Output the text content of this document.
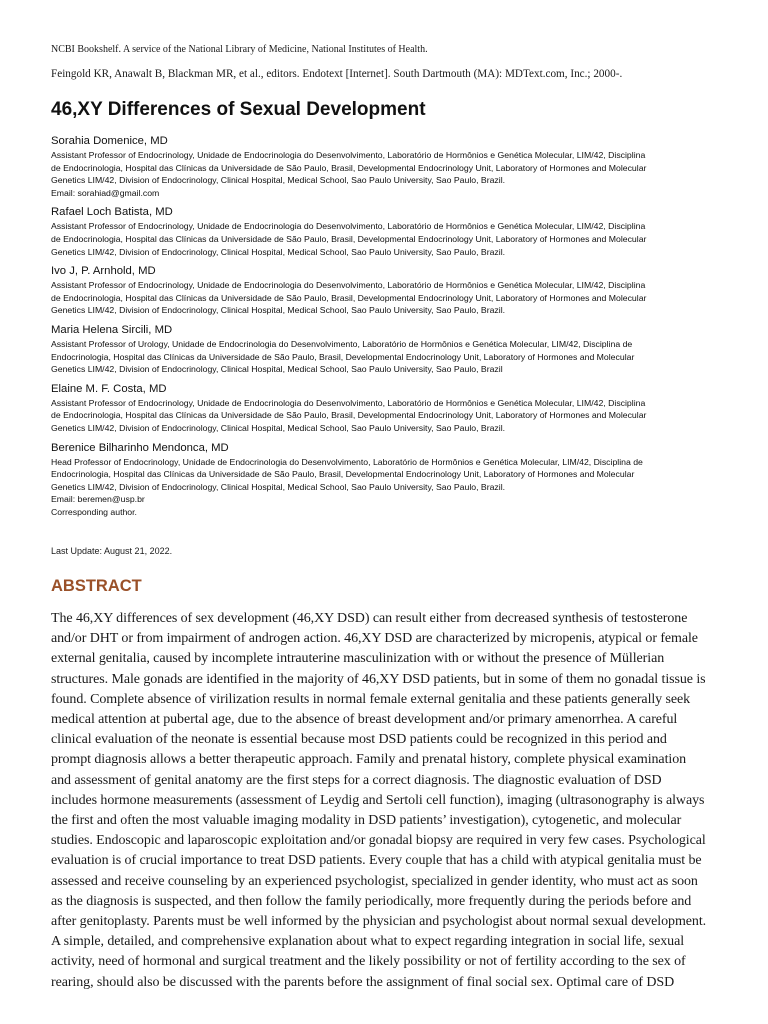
NCBI Bookshelf. A service of the National Library of Medicine, National Institutes of Health.
Feingold KR, Anawalt B, Blackman MR, et al., editors. Endotext [Internet]. South Dartmouth (MA): MDText.com, Inc.; 2000-.
46,XY Differences of Sexual Development
Sorahia Domenice, MD
Assistant Professor of Endocrinology, Unidade de Endocrinologia do Desenvolvimento, Laboratório de Hormônios e Genética Molecular, LIM/42, Disciplina
de Endocrinologia, Hospital das Clínicas da Universidade de São Paulo, Brasil, Developmental Endocrinology Unit, Laboratory of Hormones and Molecular
Genetics LIM/42, Division of Endocrinology, Clinical Hospital, Medical School, Sao Paulo University, Sao Paulo, Brazil.
Email: sorahiad@gmail.com
Rafael Loch Batista, MD
Assistant Professor of Endocrinology, Unidade de Endocrinologia do Desenvolvimento, Laboratório de Hormônios e Genética Molecular, LIM/42, Disciplina
de Endocrinologia, Hospital das Clínicas da Universidade de São Paulo, Brasil, Developmental Endocrinology Unit, Laboratory of Hormones and Molecular
Genetics LIM/42, Division of Endocrinology, Clinical Hospital, Medical School, Sao Paulo University, Sao Paulo, Brazil.
Ivo J, P. Arnhold, MD
Assistant Professor of Endocrinology, Unidade de Endocrinologia do Desenvolvimento, Laboratório de Hormônios e Genética Molecular, LIM/42, Disciplina
de Endocrinologia, Hospital das Clínicas da Universidade de São Paulo, Brasil, Developmental Endocrinology Unit, Laboratory of Hormones and Molecular
Genetics LIM/42, Division of Endocrinology, Clinical Hospital, Medical School, Sao Paulo University, Sao Paulo, Brazil.
Maria Helena Sircili, MD
Assistant Professor of Urology, Unidade de Endocrinologia do Desenvolvimento, Laboratório de Hormônios e Genética Molecular, LIM/42, Disciplina de
Endocrinologia, Hospital das Clínicas da Universidade de São Paulo, Brasil, Developmental Endocrinology Unit, Laboratory of Hormones and Molecular
Genetics LIM/42, Division of Endocrinology, Clinical Hospital, Medical School, Sao Paulo University, Sao Paulo, Brazil
Elaine M. F. Costa, MD
Assistant Professor of Endocrinology, Unidade de Endocrinologia do Desenvolvimento, Laboratório de Hormônios e Genética Molecular, LIM/42, Disciplina
de Endocrinologia, Hospital das Clínicas da Universidade de São Paulo, Brasil, Developmental Endocrinology Unit, Laboratory of Hormones and Molecular
Genetics LIM/42, Division of Endocrinology, Clinical Hospital, Medical School, Sao Paulo University, Sao Paulo, Brazil.
Berenice Bilharinho Mendonca, MD
Head Professor of Endocrinology, Unidade de Endocrinologia do Desenvolvimento, Laboratório de Hormônios e Genética Molecular, LIM/42, Disciplina de
Endocrinologia, Hospital das Clínicas da Universidade de São Paulo, Brasil, Developmental Endocrinology Unit, Laboratory of Hormones and Molecular
Genetics LIM/42, Division of Endocrinology, Clinical Hospital, Medical School, Sao Paulo University, Sao Paulo, Brazil.
Email: beremen@usp.br
Corresponding author.
Last Update: August 21, 2022.
ABSTRACT
The 46,XY differences of sex development (46,XY DSD) can result either from decreased synthesis of testosterone
and/or DHT or from impairment of androgen action. 46,XY DSD are characterized by micropenis, atypical or female
external genitalia, caused by incomplete intrauterine masculinization with or without the presence of Müllerian
structures. Male gonads are identified in the majority of 46,XY DSD patients, but in some of them no gonadal tissue is
found. Complete absence of virilization results in normal female external genitalia and these patients generally seek
medical attention at pubertal age, due to the absence of breast development and/or primary amenorrhea. A careful
clinical evaluation of the neonate is essential because most DSD patients could be recognized in this period and
prompt diagnosis allows a better therapeutic approach. Family and prenatal history, complete physical examination
and assessment of genital anatomy are the first steps for a correct diagnosis. The diagnostic evaluation of DSD
includes hormone measurements (assessment of Leydig and Sertoli cell function), imaging (ultrasonography is always
the first and often the most valuable imaging modality in DSD patients’ investigation), cytogenetic, and molecular
studies. Endoscopic and laparoscopic exploitation and/or gonadal biopsy are required in very few cases. Psychological
evaluation is of crucial importance to treat DSD patients. Every couple that has a child with atypical genitalia must be
assessed and receive counseling by an experienced psychologist, specialized in gender identity, who must act as soon
as the diagnosis is suspected, and then follow the family periodically, more frequently during the periods before and
after genitoplasty. Parents must be well informed by the physician and psychologist about normal sexual development.
A simple, detailed, and comprehensive explanation about what to expect regarding integration in social life, sexual
activity, need of hormonal and surgical treatment and the likely possibility or not of fertility according to the sex of
rearing, should also be discussed with the parents before the assignment of final social sex. Optimal care of DSD
